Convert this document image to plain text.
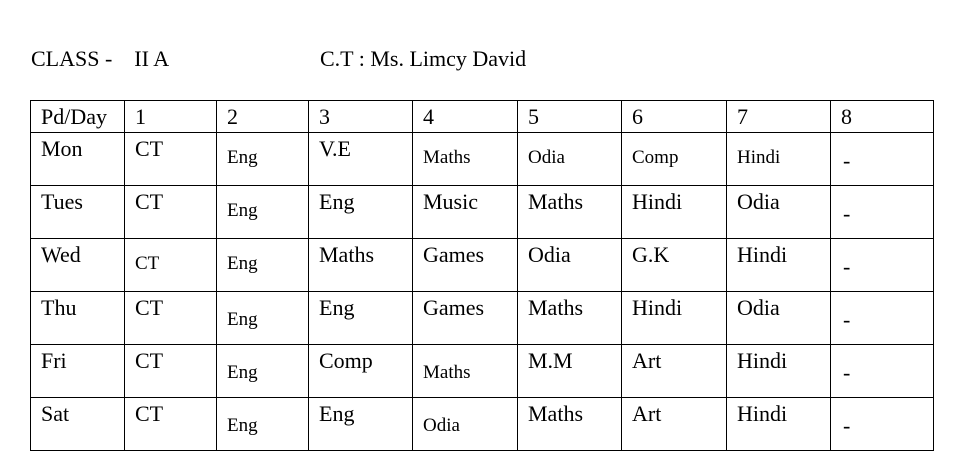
CLASS -    II A	C.T : Ms. Limcy David
Pd/Day	1	2	3	4	5	6	7	8
Mon	CT	Eng	V.E	Maths	Odia	Comp	Hindi	-
Tues	CT	Eng	Eng	Music	Maths	Hindi	Odia	-
Wed	CT	Eng	Maths	Games	Odia	G.K	Hindi	-
Thu	CT	Eng	Eng	Games	Maths	Hindi	Odia	-
Fri	CT	Eng	Comp	Maths	M.M	Art	Hindi	-
Sat	CT	Eng	Eng	Odia	Maths	Art	Hindi	-
